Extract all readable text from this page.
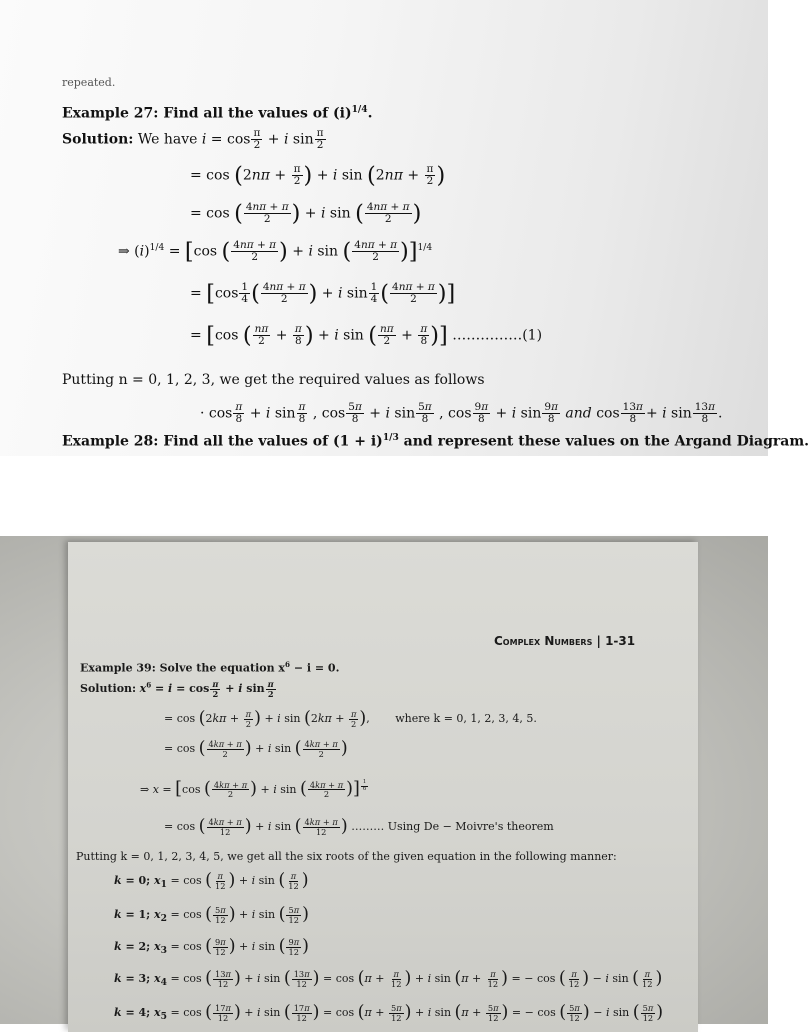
repeated.
Example 27: Find all the values of $(i)^{1/4}$.
Solution: We have $i = \cos \frac{\pi}{2} + i$ $\sin \frac{\pi}{2}$
= $\cos (2n\pi + \frac{\pi}{2}$ ) + i $\sin (2n\pi + \frac{\pi}{2}$ )
= cos ( $\frac{4n\pi + \pi}{2}$ ) + i sin ( $\frac{4n\pi + \pi}{2}$ )
⇒ $(i)^{1/4} = [\cos$ ( $\frac{4n\pi + \pi}{2}$ ) + i sin ( $\frac{4n\pi + \pi}{2} )]^{1/4}$
= [$\cos \frac{1}{4}$ ( $\frac{4n\pi + \pi}{2}$ ) + i $\sin \frac{1}{4}$ ( $\frac{4n\pi + \pi}{2}$ )]
= [cos ( $\frac{n\pi}{2} + \frac{\pi}{8}$ ) + i sin ( $\frac{n\pi}{2} + \frac{\pi}{8}$ )] ……………(1)
Putting n = 0, 1, 2, 3, we get the required values as follows
· $\cos \frac{\pi}{8} + i$ $\sin \frac{\pi}{8}$ , $\cos \frac{5\pi}{8} + i$ $\sin \frac{5\pi}{8}$ , $\cos \frac{9\pi}{8} + i$ $\sin \frac{9\pi}{8}$ and $\cos \frac{13\pi}{8} + i$ $\sin \frac{13\pi}{8}$ .
Example 28: Find all the values of $(1 + i)^{1/3}$ and represent these values on the Argand Diagram.
Complex Numbers | 1-31
Example 39: Solve the equation $x^6 - i = 0$.
Solution: $x^6 = i = \cos \frac{\pi}{2} + i$ $\sin \frac{\pi}{2}$
= $\cos (2k\pi + \frac{\pi}{2}$ ) + i $\sin (2k\pi + \frac{\pi}{2}$ ), where k = 0, 1, 2, 3, 4, 5.
= cos ( $\frac{4k\pi + \pi}{2}$ ) + i sin ( $\frac{4k\pi + \pi}{2}$ )
⇒ x = [cos ( $\frac{4k\pi + \pi}{2}$ ) + i sin ( $\frac{4k\pi + \pi}{2}$ )] $^{\frac{1}{6}}$
= cos ( $\frac{4k\pi + \pi}{12}$ ) + i sin ( $\frac{4k\pi + \pi}{12}$ ) ……… Using De − Moivre's theorem
Putting k = 0, 1, 2, 3, 4, 5, we get all the six roots of the given equation in the following manner:
k = 0; $x_1 = \cos$ ( $\frac{\pi}{12}$ ) + i sin ( $\frac{\pi}{12}$ )
k = 1; $x_2 = \cos$ ( $\frac{5\pi}{12}$ ) + i sin ( $\frac{5\pi}{12}$ )
k = 2; $x_3 = \cos$ ( $\frac{9\pi}{12}$ ) + i sin ( $\frac{9\pi}{12}$ )
k = 3; $x_4 = \cos$ ( $\frac{13\pi}{12}$ ) + i sin ( $\frac{13\pi}{12}$ ) = $\cos (\pi + \frac{\pi}{12}$ ) + i $\sin (\pi + \frac{\pi}{12}$ ) = − cos ( $\frac{\pi}{12}$ ) − i sin ( $\frac{\pi}{12}$ )
k = 4; $x_5 = \cos$ ( $\frac{17\pi}{12}$ ) + i sin ( $\frac{17\pi}{12}$ ) = $\cos (\pi + \frac{5\pi}{12}$ ) + i $\sin (\pi + \frac{5\pi}{12}$ ) = − cos ( $\frac{5\pi}{12}$ ) − i sin ( $\frac{5\pi}{12}$ )
